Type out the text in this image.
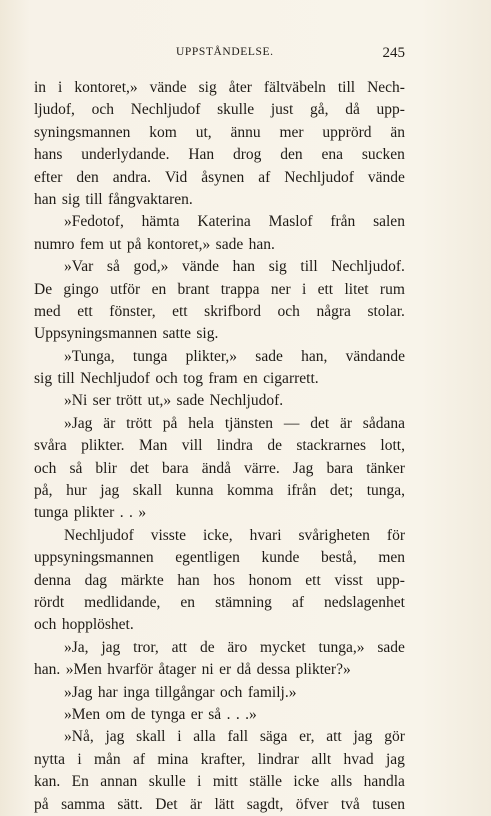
UPPSTÅNDELSE.	245
in i kontoret,» vände sig åter fältväbeln till Nech-
ljudof, och Nechljudof skulle just gå, då upp-
syningsmannen kom ut, ännu mer upprörd än
hans underlydande. Han drog den ena sucken
efter den andra. Vid åsynen af Nechljudof vände
han sig till fångvaktaren.
»Fedotof, hämta Katerina Maslof från salen
numro fem ut på kontoret,» sade han.
»Var så god,» vände han sig till Nechljudof.
De gingo utför en brant trappa ner i ett litet rum
med ett fönster, ett skrifbord och några stolar.
Uppsyningsmannen satte sig.
»Tunga, tunga plikter,» sade han, vändande
sig till Nechljudof och tog fram en cigarrett.
»Ni ser trött ut,» sade Nechljudof.
»Jag är trött på hela tjänsten — det är sådana
svåra plikter. Man vill lindra de stackrarnes lott,
och så blir det bara ändå värre. Jag bara tänker
på, hur jag skall kunna komma ifrån det; tunga,
tunga plikter . . »
Nechljudof visste icke, hvari svårigheten för
uppsyningsmannen egentligen kunde bestå, men
denna dag märkte han hos honom ett visst upp-
rördt medlidande, en stämning af nedslagenhet
och hopplöshet.
»Ja, jag tror, att de äro mycket tunga,» sade
han. »Men hvarför åtager ni er då dessa plikter?»
»Jag har inga tillgångar och familj.»
»Men om de tynga er så . . .»
»Nå, jag skall i alla fall säga er, att jag gör
nytta i mån af mina krafter, lindrar allt hvad jag
kan. En annan skulle i mitt ställe icke alls handla
på samma sätt. Det är lätt sagdt, öfver två tusen
